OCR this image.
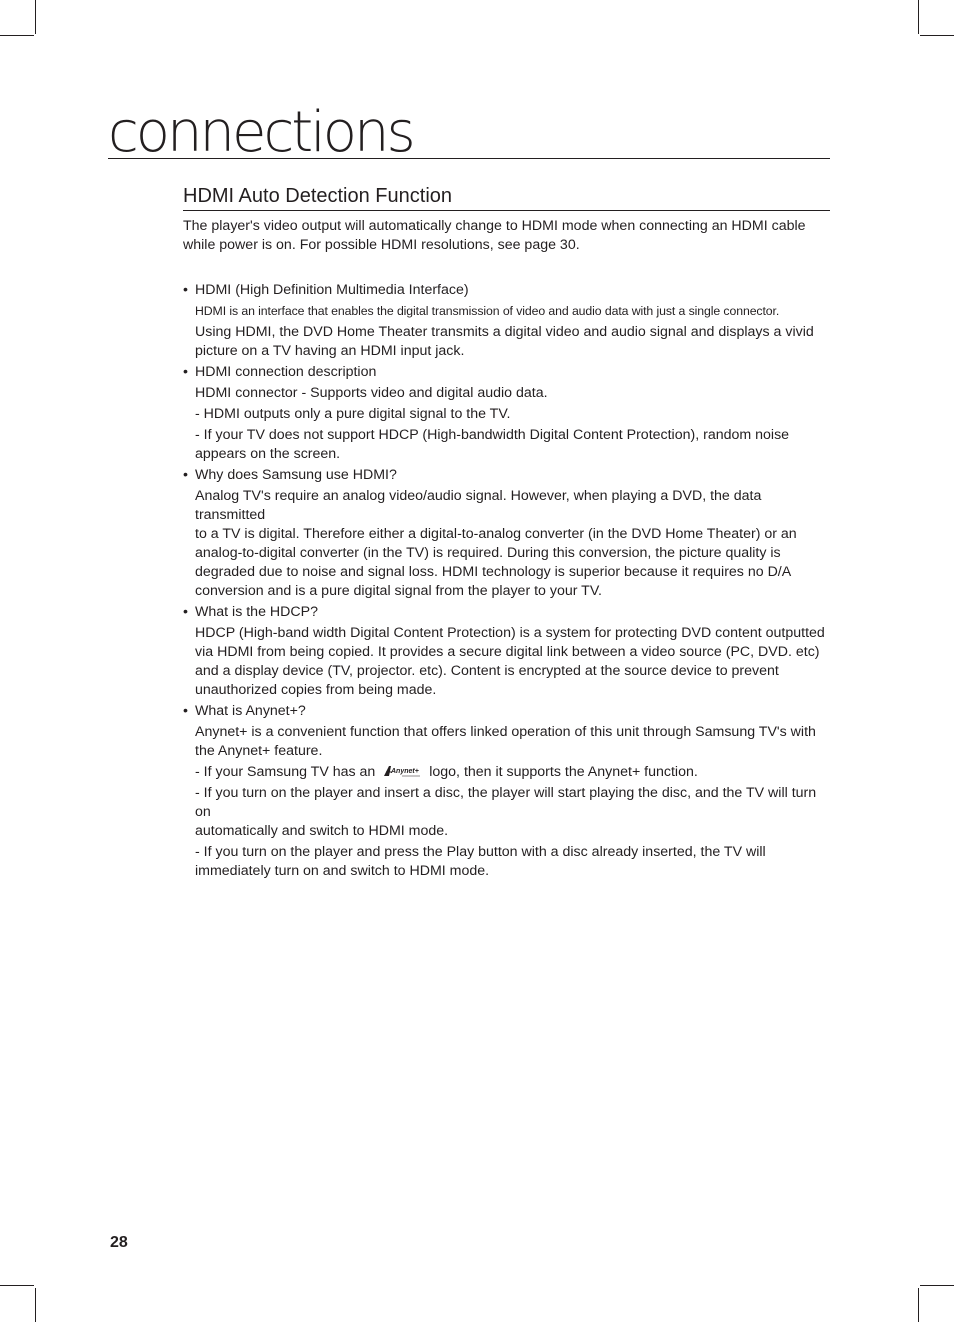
connections
HDMI Auto Detection Function
The player's video output will automatically change to HDMI mode when connecting an HDMI cable
while power is on. For possible HDMI resolutions, see page 30.
• HDMI (High Definition Multimedia Interface)
HDMI is an interface that enables the digital transmission of video and audio data with just a single connector.
Using HDMI, the DVD Home Theater transmits a digital video and audio signal and displays a vivid
picture on a TV having an HDMI input jack.
• HDMI connection description
HDMI connector - Supports video and digital audio data.
- HDMI outputs only a pure digital signal to the TV.
- If your TV does not support HDCP (High-bandwidth Digital Content Protection), random noise
appears on the screen.
• Why does Samsung use HDMI?
Analog TV's require an analog video/audio signal. However, when playing a DVD, the data transmitted
to a TV is digital. Therefore either a digital-to-analog converter (in the DVD Home Theater) or an
analog-to-digital converter (in the TV) is required. During this conversion, the picture quality is
degraded due to noise and signal loss. HDMI technology is superior because it requires no D/A
conversion and is a pure digital signal from the player to your TV.
• What is the HDCP?
HDCP (High-band width Digital Content Protection) is a system for protecting DVD content outputted
via HDMI from being copied. It provides a secure digital link between a video source (PC, DVD. etc)
and a display device (TV, projector. etc). Content is encrypted at the source device to prevent
unauthorized copies from being made.
• What is Anynet+?
Anynet+ is a convenient function that offers linked operation of this unit through Samsung TV's with
the Anynet+ feature.
- If your Samsung TV has an Anynet+ logo, then it supports the Anynet+ function.
- If you turn on the player and insert a disc, the player will start playing the disc, and the TV will turn on
automatically and switch to HDMI mode.
- If you turn on the player and press the Play button with a disc already inserted, the TV will
immediately turn on and switch to HDMI mode.
28
